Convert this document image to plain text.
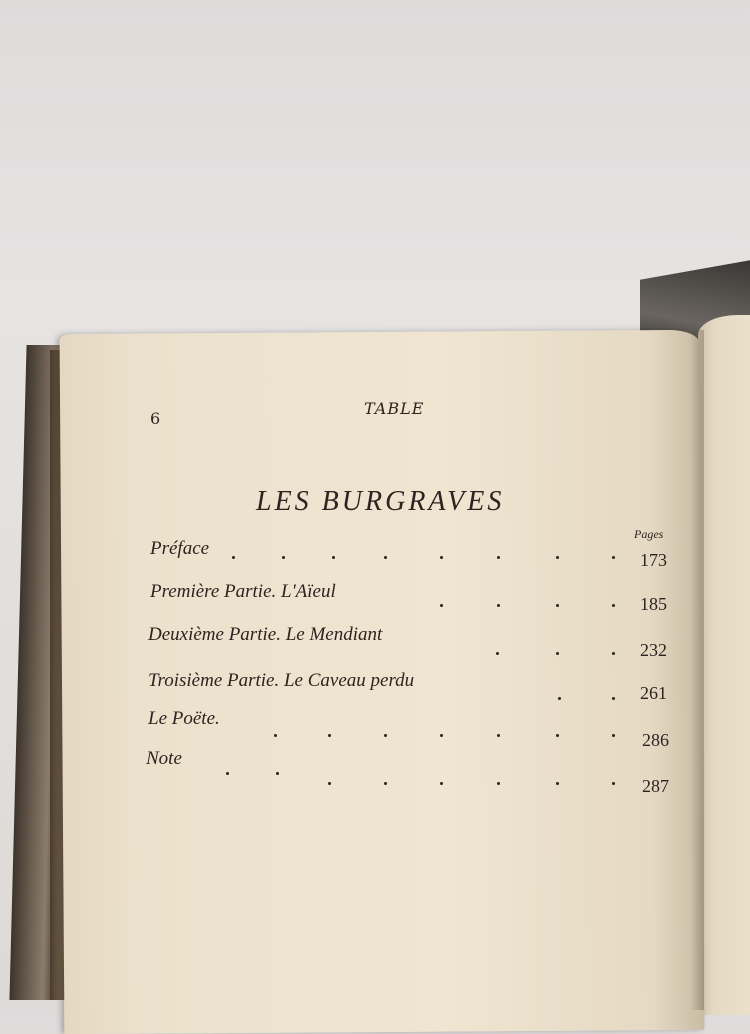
6
TABLE
LES BURGRAVES
Pages
Préface
173
Première Partie. L'Aïeul
185
Deuxième Partie. Le Mendiant
232
Troisième Partie. Le Caveau perdu
261
Le Poëte.
286
Note
287
